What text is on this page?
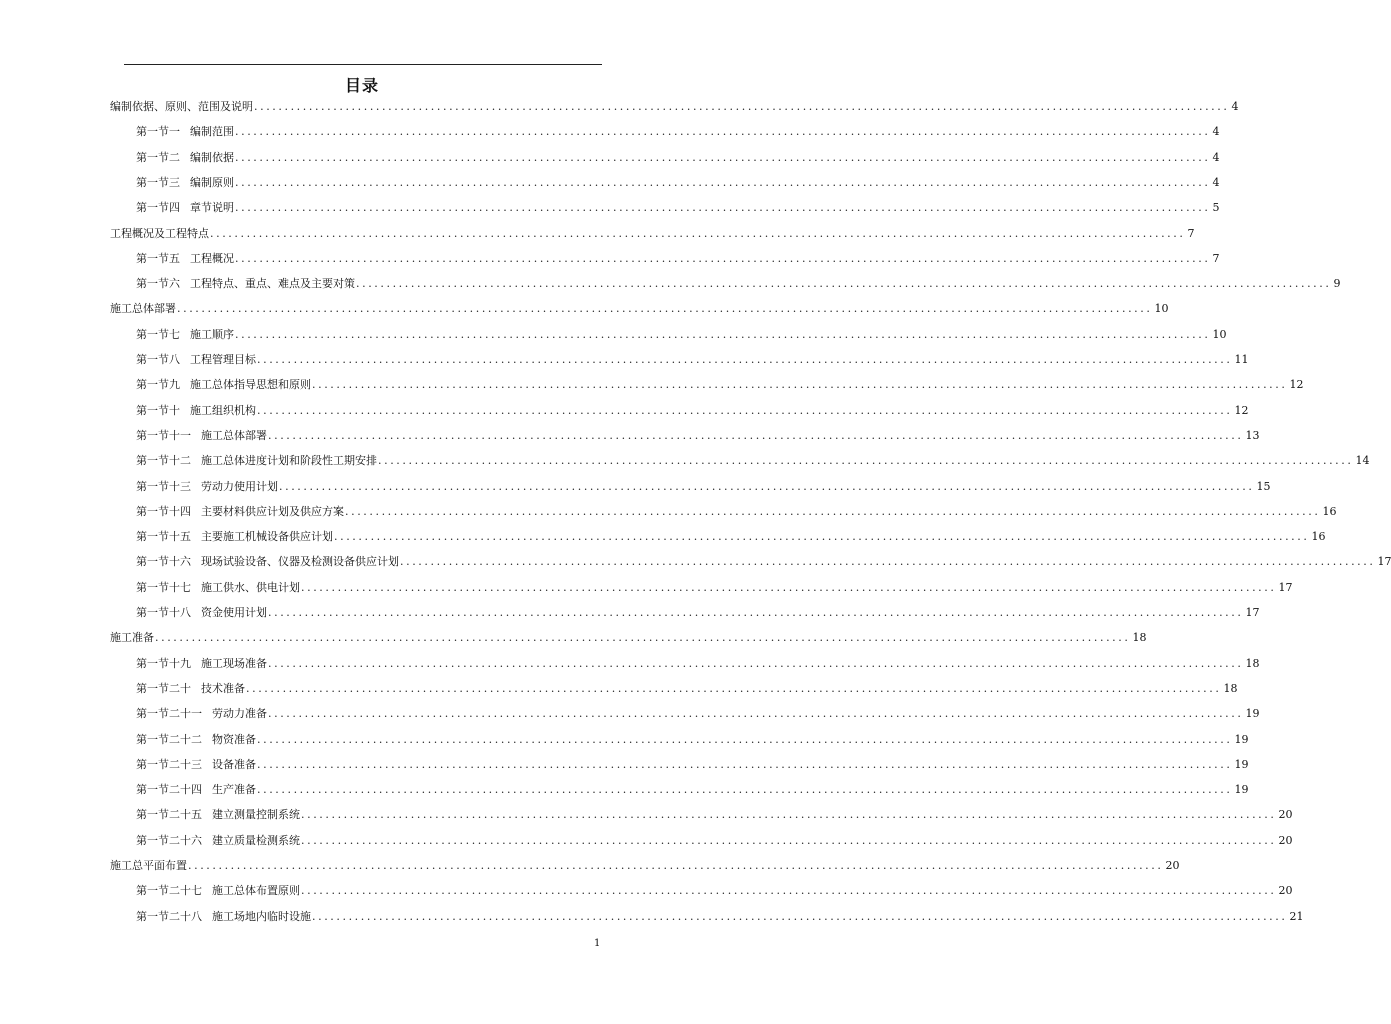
目录
编制依据、原则、范围及说明 ................................................................................................................................................................ 4
第一节一 编制范围 ................................................................................................................................................................ 4
第一节二 编制依据 ................................................................................................................................................................ 4
第一节三 编制原则 ................................................................................................................................................................ 4
第一节四 章节说明 ................................................................................................................................................................ 5
工程概况及工程特点 ................................................................................................................................................................ 7
第一节五 工程概况 ................................................................................................................................................................ 7
第一节六 工程特点、重点、难点及主要对策 ................................................................................................................................................................ 9
施工总体部署 ................................................................................................................................................................ 10
第一节七 施工顺序 ................................................................................................................................................................ 10
第一节八 工程管理目标 ................................................................................................................................................................ 11
第一节九 施工总体指导思想和原则 ................................................................................................................................................................ 12
第一节十 施工组织机构 ................................................................................................................................................................ 12
第一节十一 施工总体部署 ................................................................................................................................................................ 13
第一节十二 施工总体进度计划和阶段性工期安排 ................................................................................................................................................................ 14
第一节十三 劳动力使用计划 ................................................................................................................................................................ 15
第一节十四 主要材料供应计划及供应方案 ................................................................................................................................................................ 16
第一节十五 主要施工机械设备供应计划 ................................................................................................................................................................ 16
第一节十六 现场试验设备、仪器及检测设备供应计划 ................................................................................................................................................................ 17
第一节十七 施工供水、供电计划 ................................................................................................................................................................ 17
第一节十八 资金使用计划 ................................................................................................................................................................ 17
施工准备 ................................................................................................................................................................ 18
第一节十九 施工现场准备 ................................................................................................................................................................ 18
第一节二十 技术准备 ................................................................................................................................................................ 18
第一节二十一 劳动力准备 ................................................................................................................................................................ 19
第一节二十二 物资准备 ................................................................................................................................................................ 19
第一节二十三 设备准备 ................................................................................................................................................................ 19
第一节二十四 生产准备 ................................................................................................................................................................ 19
第一节二十五 建立测量控制系统 ................................................................................................................................................................ 20
第一节二十六 建立质量检测系统 ................................................................................................................................................................ 20
施工总平面布置 ................................................................................................................................................................ 20
第一节二十七 施工总体布置原则 ................................................................................................................................................................ 20
第一节二十八 施工场地内临时设施 ................................................................................................................................................................ 21
1
